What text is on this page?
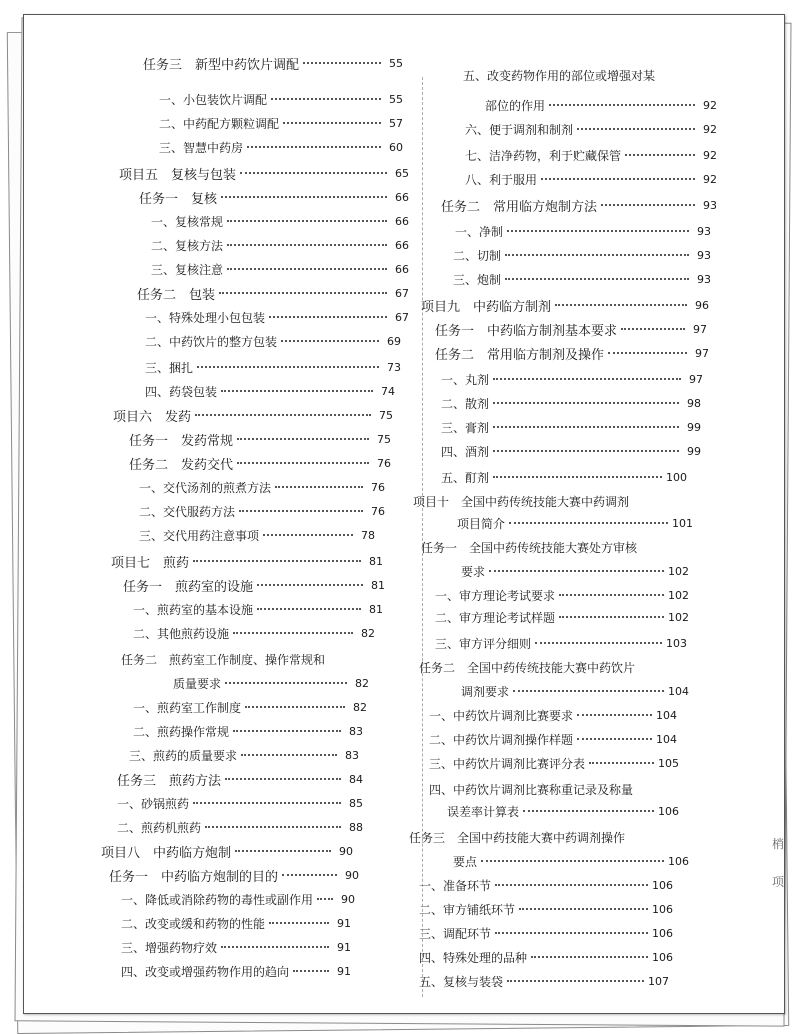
任务三　新型中药饮片调配	55
一、小包装饮片调配	55
二、中药配方颗粒调配	57
三、智慧中药房	60
项目五　复核与包装	65
任务一　复核	66
一、复核常规	66
二、复核方法	66
三、复核注意	66
任务二　包装	67
一、特殊处理小包包装	67
二、中药饮片的整方包装	69
三、捆扎	73
四、药袋包装	74
项目六　发药	75
任务一　发药常规	75
任务二　发药交代	76
一、交代汤剂的煎煮方法	76
二、交代服药方法	76
三、交代用药注意事项	78
项目七　煎药	81
任务一　煎药室的设施	81
一、煎药室的基本设施	81
二、其他煎药设施	82
任务二　煎药室工作制度、操作常规和
质量要求	82
一、煎药室工作制度	82
二、煎药操作常规	83
三、煎药的质量要求	83
任务三　煎药方法	84
一、砂锅煎药	85
二、煎药机煎药	88
项目八　中药临方炮制	90
任务一　中药临方炮制的目的	90
一、降低或消除药物的毒性或副作用	90
二、改变或缓和药物的性能	91
三、增强药物疗效	91
四、改变或增强药物作用的趋向	91
五、改变药物作用的部位或增强对某
部位的作用	92
六、便于调剂和制剂	92
七、洁净药物，利于贮藏保管	92
八、利于服用	92
任务二　常用临方炮制方法	93
一、净制	93
二、切制	93
三、炮制	93
项目九　中药临方制剂	96
任务一　中药临方制剂基本要求	97
任务二　常用临方制剂及操作	97
一、丸剂	97
二、散剂	98
三、膏剂	99
四、酒剂	99
五、酊剂	100
项目十　全国中药传统技能大赛中药调剂
项目简介	101
任务一　全国中药传统技能大赛处方审核
要求	102
一、审方理论考试要求	102
二、审方理论考试样题	102
三、审方评分细则	103
任务二　全国中药传统技能大赛中药饮片
调剂要求	104
一、中药饮片调剂比赛要求	104
二、中药饮片调剂操作样题	104
三、中药饮片调剂比赛评分表	105
四、中药饮片调剂比赛称重记录及称量
误差率计算表	106
任务三　全国中药技能大赛中药调剂操作
要点	106
一、准备环节	106
二、审方铺纸环节	106
三、调配环节	106
四、特殊处理的品种	106
五、复核与装袋	107
梢
项
